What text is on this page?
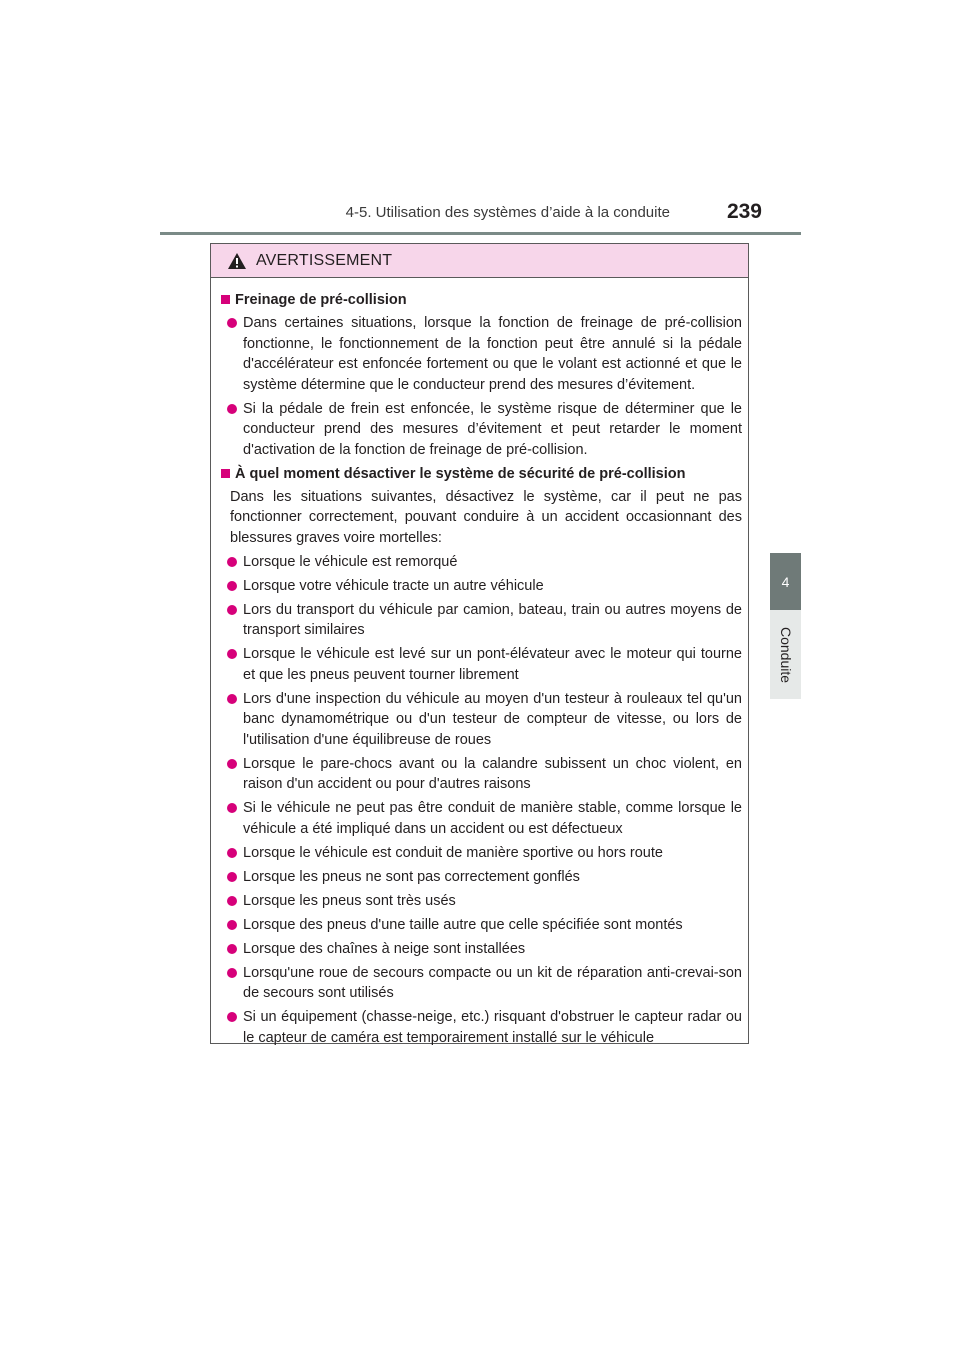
4-5. Utilisation des systèmes d’aide à la conduite	239
4
Conduite
AVERTISSEMENT
Freinage de pré-collision
Dans certaines situations, lorsque la fonction de freinage de pré-collision fonctionne, le fonctionnement de la fonction peut être annulé si la pédale d'accélérateur est enfoncée fortement ou que le volant est actionné et que le système détermine que le conducteur prend des mesures d’évitement.
Si la pédale de frein est enfoncée, le système risque de déterminer que le conducteur prend des mesures d’évitement et peut retarder le moment d'activation de la fonction de freinage de pré-collision.
À quel moment désactiver le système de sécurité de pré-collision
Dans les situations suivantes, désactivez le système, car il peut ne pas fonctionner correctement, pouvant conduire à un accident occasionnant des blessures graves voire mortelles:
Lorsque le véhicule est remorqué
Lorsque votre véhicule tracte un autre véhicule
Lors du transport du véhicule par camion, bateau, train ou autres moyens de transport similaires
Lorsque le véhicule est levé sur un pont-élévateur avec le moteur qui tourne et que les pneus peuvent tourner librement
Lors d'une inspection du véhicule au moyen d'un testeur à rouleaux tel qu'un banc dynamométrique ou d'un testeur de compteur de vitesse, ou lors de l'utilisation d'une équilibreuse de roues
Lorsque le pare-chocs avant ou la calandre subissent un choc violent, en raison d'un accident ou pour d'autres raisons
Si le véhicule ne peut pas être conduit de manière stable, comme lorsque le véhicule a été impliqué dans un accident ou est défectueux
Lorsque le véhicule est conduit de manière sportive ou hors route
Lorsque les pneus ne sont pas correctement gonflés
Lorsque les pneus sont très usés
Lorsque des pneus d'une taille autre que celle spécifiée sont montés
Lorsque des chaînes à neige sont installées
Lorsqu'une roue de secours compacte ou un kit de réparation anti-crevai-son de secours sont utilisés
Si un équipement (chasse-neige, etc.) risquant d'obstruer le capteur radar ou le capteur de caméra est temporairement installé sur le véhicule
